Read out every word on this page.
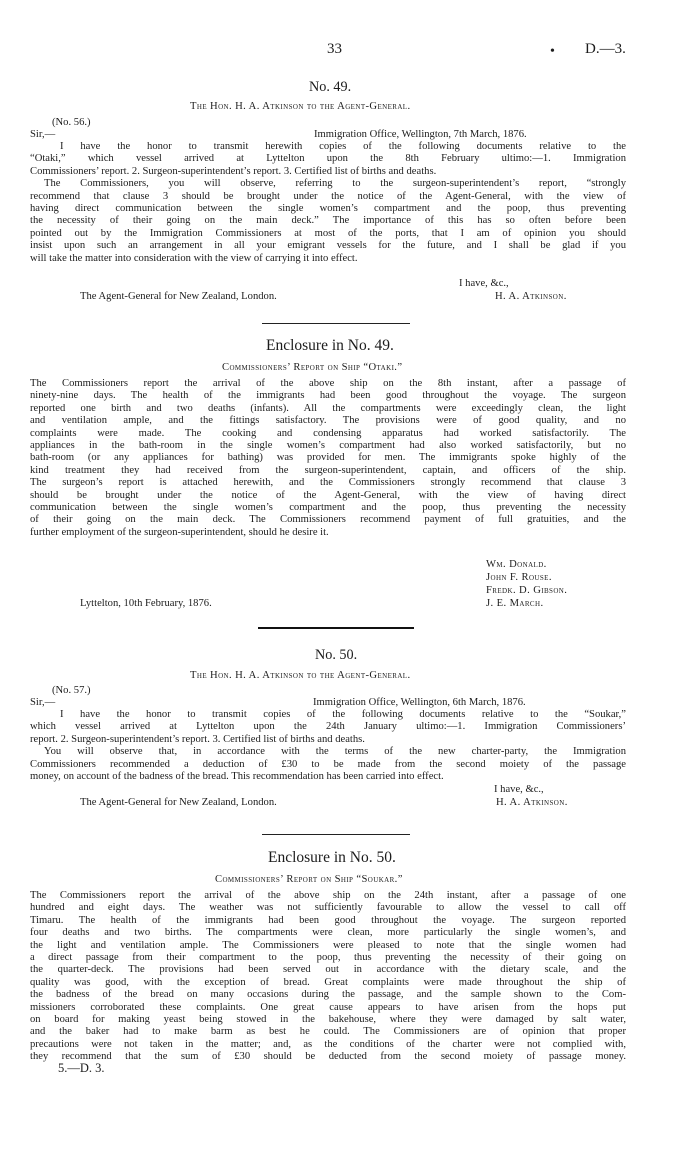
33	• D.—3.
No. 49.
The Hon. H. A. Atkinson to the Agent-General.
(No. 56.)
Sir,—	Immigration Office, Wellington, 7th March, 1876.

I have the honor to transmit herewith copies of the following documents relative to the

“Otaki,” which vessel arrived at Lyttelton upon the 8th February ultimo:—1. Immigration

Commissioners’ report. 2. Surgeon-superintendent’s report. 3. Certified list of births and deaths.

The Commissioners, you will observe, referring to the surgeon-superintendent’s report, “strongly

recommend that clause 3 should be brought under the notice of the Agent-General, with the view of

having direct communication between the single women’s compartment and the poop, thus preventing

the necessity of their going on the main deck.” The importance of this has so often before been

pointed out by the Immigration Commissioners at most of the ports, that I am of opinion you should

insist upon such an arrangement in all your emigrant vessels for the future, and I shall be glad if you

will take the matter into consideration with the view of carrying it into effect.

I have, &c.,
The Agent-General for New Zealand, London.	H. A. Atkinson.
Enclosure in No. 49.
Commissioners’ Report on Ship “Otaki.”

The Commissioners report the arrival of the above ship on the 8th instant, after a passage of

ninety-nine days. The health of the immigrants had been good throughout the voyage. The surgeon

reported one birth and two deaths (infants). All the compartments were exceedingly clean, the light

and ventilation ample, and the fittings satisfactory. The provisions were of good quality, and no

complaints were made. The cooking and condensing apparatus had worked satisfactorily. The

appliances in the bath-room in the single women’s compartment had also worked satisfactorily, but no

bath-room (or any appliances for bathing) was provided for men. The immigrants spoke highly of the

kind treatment they had received from the surgeon-superintendent, captain, and officers of the ship.

The surgeon’s report is attached herewith, and the Commissioners strongly recommend that clause 3

should be brought under the notice of the Agent-General, with the view of having direct

communication between the single women’s compartment and the poop, thus preventing the necessity

of their going on the main deck. The Commissioners recommend payment of full gratuities, and the

further employment of the surgeon-superintendent, should he desire it.

Wm. Donald.
John F. Rouse.
Fredk. D. Gibson.
J. E. March.
Lyttelton, 10th February, 1876.
No. 50.
The Hon. H. A. Atkinson to the Agent-General.
(No. 57.)
Sir,—	Immigration Office, Wellington, 6th March, 1876.

I have the honor to transmit copies of the following documents relative to the “Soukar,”

which vessel arrived at Lyttelton upon the 24th January ultimo:—1. Immigration Commissioners’

report. 2. Surgeon-superintendent’s report. 3. Certified list of births and deaths.

You will observe that, in accordance with the terms of the new charter-party, the Immigration

Commissioners recommended a deduction of £30 to be made from the second moiety of the passage

money, on account of the badness of the bread. This recommendation has been carried into effect.

I have, &c.,
The Agent-General for New Zealand, London.	H. A. Atkinson.
Enclosure in No. 50.
Commissioners’ Report on Ship “Soukar.”

The Commissioners report the arrival of the above ship on the 24th instant, after a passage of one

hundred and eight days. The weather was not sufficiently favourable to allow the vessel to call off

Timaru. The health of the immigrants had been good throughout the voyage. The surgeon reported

four deaths and two births. The compartments were clean, more particularly the single women’s, and

the light and ventilation ample. The Commissioners were pleased to note that the single women had

a direct passage from their compartment to the poop, thus preventing the necessity of their going on

the quarter-deck. The provisions had been served out in accordance with the dietary scale, and the

quality was good, with the exception of bread. Great complaints were made throughout the ship of

the badness of the bread on many occasions during the passage, and the sample shown to the Com-

missioners corroborated these complaints. One great cause appears to have arisen from the hops put

on board for making yeast being stowed in the bakehouse, where they were damaged by salt water,

and the baker had to make barm as best he could. The Commissioners are of opinion that proper

precautions were not taken in the matter; and, as the conditions of the charter were not complied with,

they recommend that the sum of £30 should be deducted from the second moiety of passage money.

5.—D. 3.
